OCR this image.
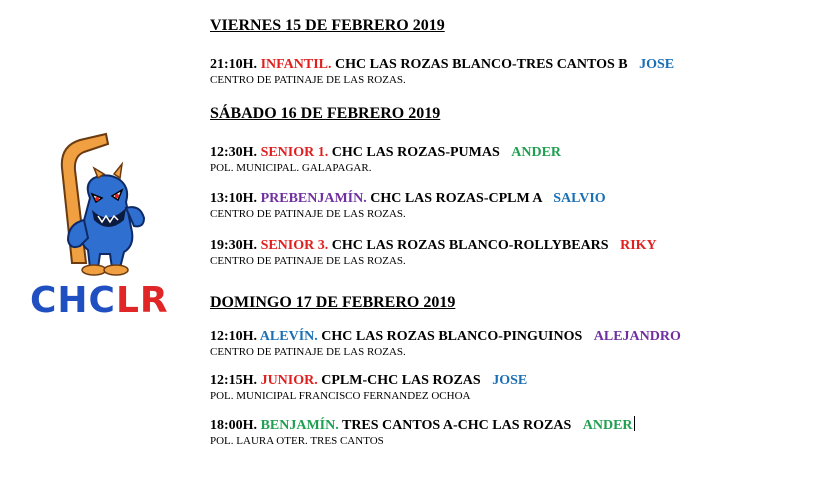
CHCLR
VIERNES 15 DE FEBRERO 2019
21:10H. INFANTIL. CHC LAS ROZAS BLANCO-TRES CANTOS B JOSE
CENTRO DE PATINAJE DE LAS ROZAS.
SÁBADO 16 DE FEBRERO 2019
12:30H. SENIOR 1. CHC LAS ROZAS-PUMAS ANDER
POL. MUNICIPAL. GALAPAGAR.
13:10H. PREBENJAMÍN. CHC LAS ROZAS-CPLM A SALVIO
CENTRO DE PATINAJE DE LAS ROZAS.
19:30H. SENIOR 3. CHC LAS ROZAS BLANCO-ROLLYBEARS RIKY
CENTRO DE PATINAJE DE LAS ROZAS.
DOMINGO 17 DE FEBRERO 2019
12:10H. ALEVÍN. CHC LAS ROZAS BLANCO-PINGUINOS ALEJANDRO
CENTRO DE PATINAJE DE LAS ROZAS.
12:15H. JUNIOR. CPLM-CHC LAS ROZAS JOSE
POL. MUNICIPAL FRANCISCO FERNANDEZ OCHOA
18:00H. BENJAMÍN. TRES CANTOS A-CHC LAS ROZAS ANDER
POL. LAURA OTER. TRES CANTOS
